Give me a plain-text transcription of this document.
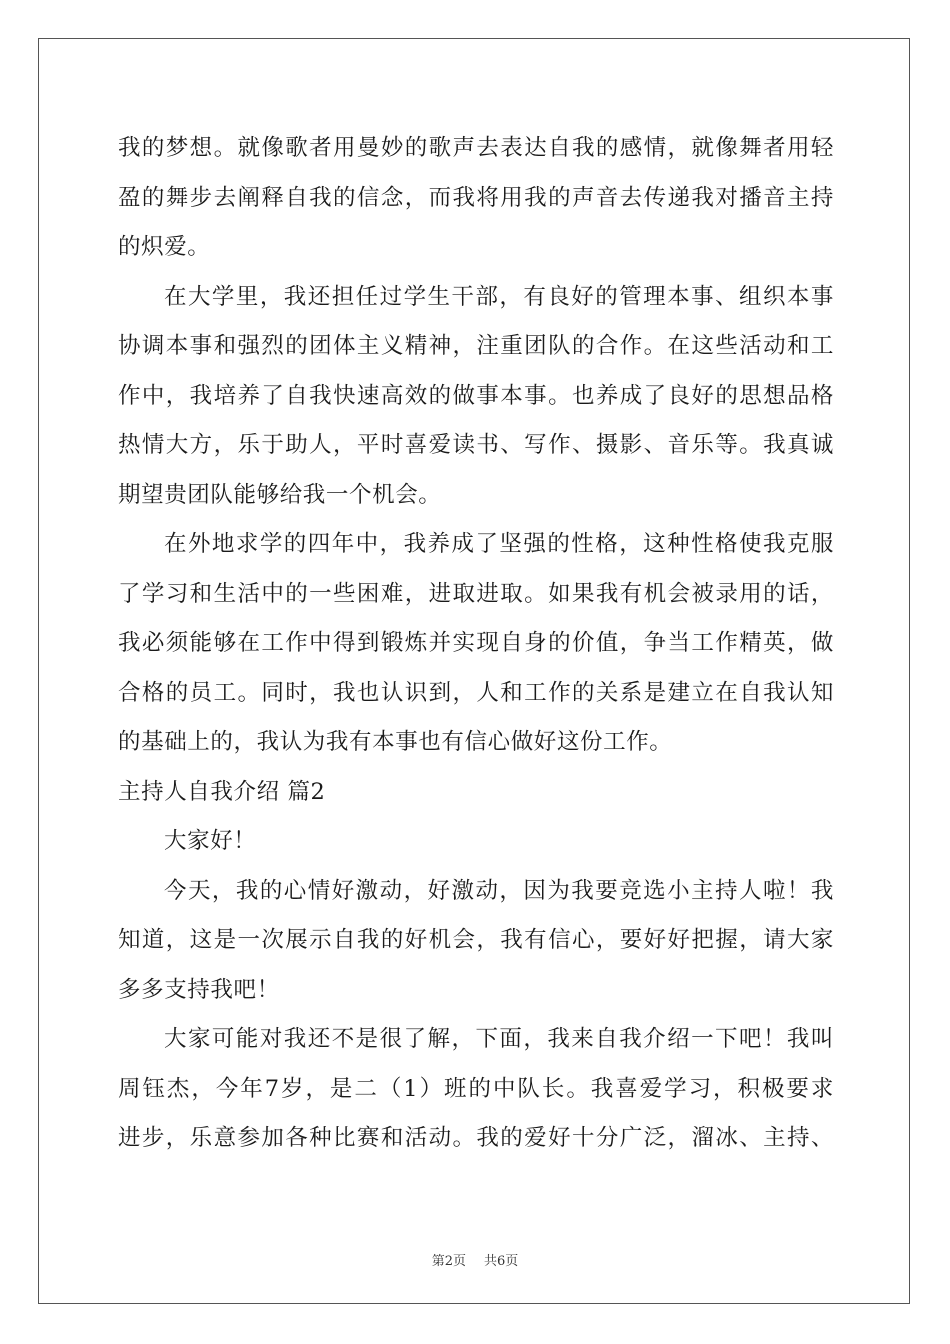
我的梦想。就像歌者用曼妙的歌声去表达自我的感情，就像舞者用轻
盈的舞步去阐释自我的信念，而我将用我的声音去传递我对播音主持
的炽爱。
在大学里，我还担任过学生干部，有良好的管理本事、组织本事
协调本事和强烈的团体主义精神，注重团队的合作。在这些活动和工
作中，我培养了自我快速高效的做事本事。也养成了良好的思想品格
热情大方，乐于助人，平时喜爱读书、写作、摄影、音乐等。我真诚
期望贵团队能够给我一个机会。
在外地求学的四年中，我养成了坚强的性格，这种性格使我克服
了学习和生活中的一些困难，进取进取。如果我有机会被录用的话，
我必须能够在工作中得到锻炼并实现自身的价值，争当工作精英，做
合格的员工。同时，我也认识到，人和工作的关系是建立在自我认知
的基础上的，我认为我有本事也有信心做好这份工作。
主持人自我介绍 篇2
大家好！
今天，我的心情好激动，好激动，因为我要竞选小主持人啦！我
知道，这是一次展示自我的好机会，我有信心，要好好把握，请大家
多多支持我吧！
大家可能对我还不是很了解，下面，我来自我介绍一下吧！我叫
周钰杰，今年7岁，是二（1）班的中队长。我喜爱学习，积极要求
进步，乐意参加各种比赛和活动。我的爱好十分广泛，溜冰、主持、
第2页 共6页
